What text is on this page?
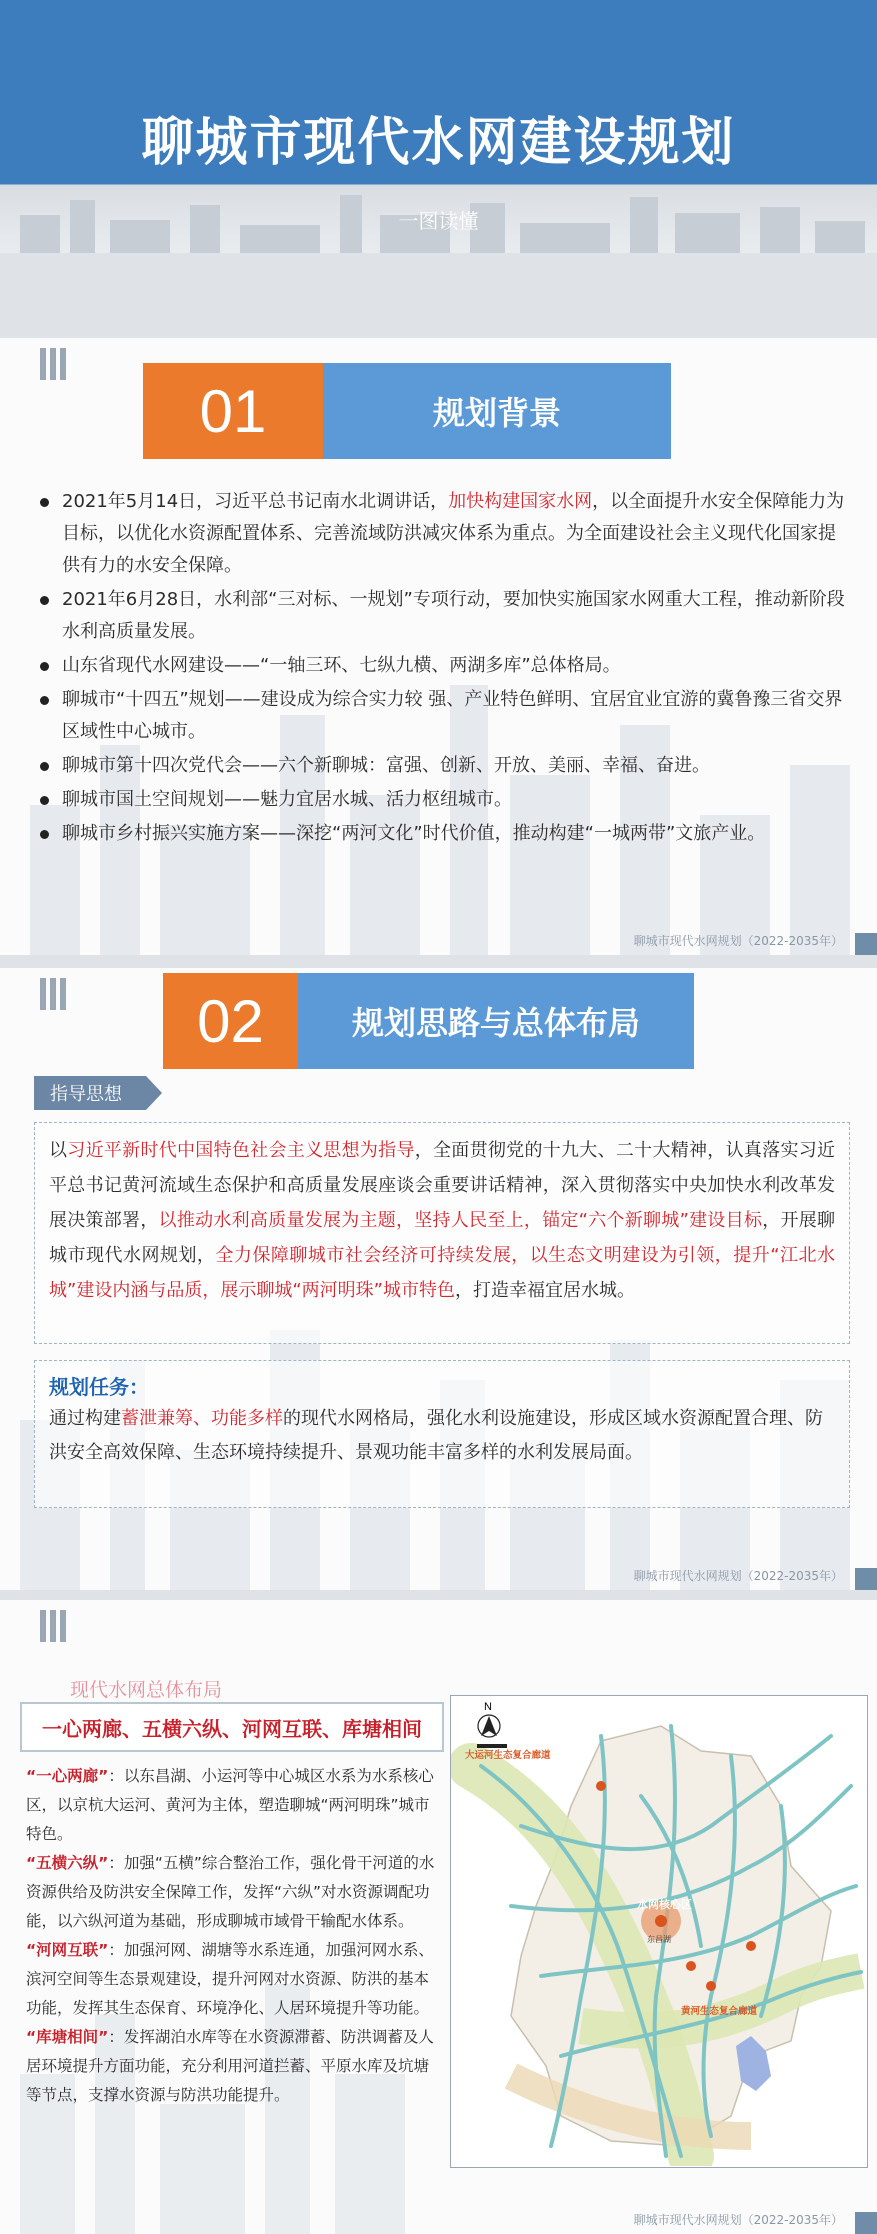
聊城市现代水网建设规划
一图读懂
01	规划背景
2021年5月14日，习近平总书记南水北调讲话，加快构建国家水网，以全面提升水安全保障能力为目标，以优化水资源配置体系、完善流域防洪减灾体系为重点。为全面建设社会主义现代化国家提供有力的水安全保障。
2021年6月28日，水利部“三对标、一规划”专项行动，要加快实施国家水网重大工程，推动新阶段水利高质量发展。
山东省现代水网建设——“一轴三环、七纵九横、两湖多库”总体格局。
聊城市“十四五”规划——建设成为综合实力较 强、产业特色鲜明、宜居宜业宜游的冀鲁豫三省交界区域性中心城市。
聊城市第十四次党代会——六个新聊城：富强、创新、开放、美丽、幸福、奋进。
聊城市国土空间规划——魅力宜居水城、活力枢纽城市。
聊城市乡村振兴实施方案——深挖“两河文化”时代价值，推动构建“一城两带”文旅产业。
聊城市现代水网规划（2022-2035年）
02	规划思路与总体布局
指导思想
以习近平新时代中国特色社会主义思想为指导，全面贯彻党的十九大、二十大精神，认真落实习近平总书记黄河流域生态保护和高质量发展座谈会重要讲话精神，深入贯彻落实中央加快水利改革发展决策部署，以推动水利高质量发展为主题，坚持人民至上，锚定“六个新聊城”建设目标，开展聊城市现代水网规划，全力保障聊城市社会经济可持续发展，以生态文明建设为引领，提升“江北水城”建设内涵与品质，展示聊城“两河明珠”城市特色，打造幸福宜居水城。
规划任务：
通过构建蓄泄兼筹、功能多样的现代水网格局，强化水利设施建设，形成区域水资源配置合理、防洪安全高效保障、生态环境持续提升、景观功能丰富多样的水利发展局面。
聊城市现代水网规划（2022-2035年）
现代水网总体布局
一心两廊、五横六纵、河网互联、库塘相间

“一心两廊”：以东昌湖、小运河等中心城区水系为水系核心区，以京杭大运河、黄河为主体，塑造聊城“两河明珠”城市特色。

“五横六纵”：加强“五横”综合整治工作，强化骨干河道的水资源供给及防洪安全保障工作，发挥“六纵”对水资源调配功能，以六纵河道为基础，形成聊城市域骨干输配水体系。

“河网互联”：加强河网、湖塘等水系连通，加强河网水系、滨河空间等生态景观建设，提升河网对水资源、防洪的基本功能，发挥其生态保育、环境净化、人居环境提升等功能。

“库塘相间”：发挥湖泊水库等在水资源滞蓄、防洪调蓄及人居环境提升方面功能，充分利用河道拦蓄、平原水库及坑塘等节点，支撑水资源与防洪功能提升。

N
大运河生态复合廊道
黄河生态复合廊道
水网核心区
东昌湖
聊城市现代水网规划（2022-2035年）
